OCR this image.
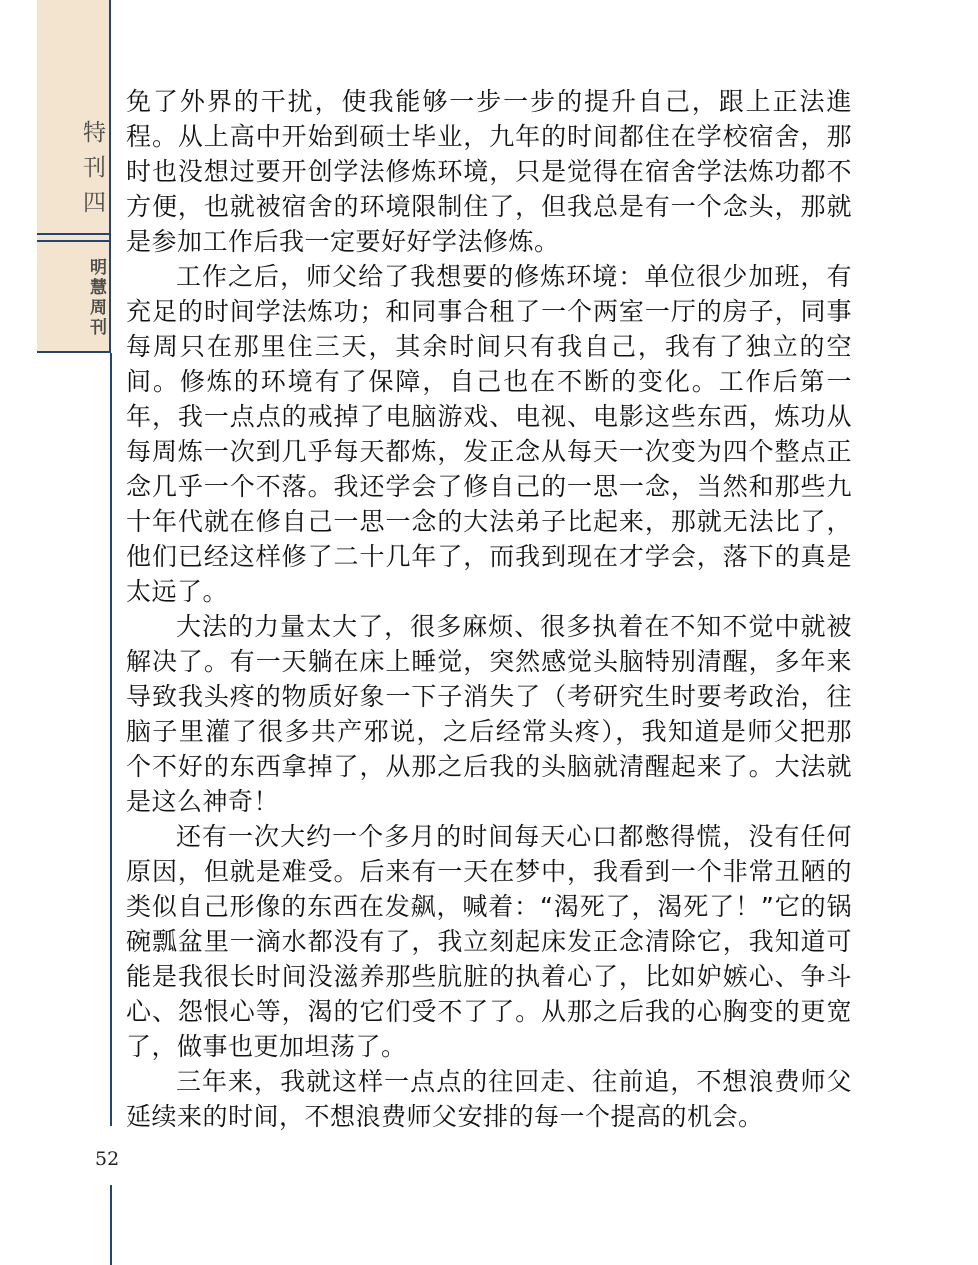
特刊四
明慧周刊
52

免了外界的干扰，使我能够一步一步的提升自己，跟上正法進程。从上高中开始到硕士毕业，九年的时间都住在学校宿舍，那时也没想过要开创学法修炼环境，只是觉得在宿舍学法炼功都不方便，也就被宿舍的环境限制住了，但我总是有一个念头，那就是参加工作后我一定要好好学法修炼。

工作之后，师父给了我想要的修炼环境：单位很少加班，有充足的时间学法炼功；和同事合租了一个两室一厅的房子，同事每周只在那里住三天，其余时间只有我自己，我有了独立的空间。修炼的环境有了保障，自己也在不断的变化。工作后第一年，我一点点的戒掉了电脑游戏、电视、电影这些东西，炼功从每周炼一次到几乎每天都炼，发正念从每天一次变为四个整点正念几乎一个不落。我还学会了修自己的一思一念，当然和那些九十年代就在修自己一思一念的大法弟子比起来，那就无法比了，他们已经这样修了二十几年了，而我到现在才学会，落下的真是太远了。

大法的力量太大了，很多麻烦、很多执着在不知不觉中就被解决了。有一天躺在床上睡觉，突然感觉头脑特别清醒，多年来导致我头疼的物质好象一下子消失了（考研究生时要考政治，往脑子里灌了很多共产邪说，之后经常头疼），我知道是师父把那个不好的东西拿掉了，从那之后我的头脑就清醒起来了。大法就是这么神奇！

还有一次大约一个多月的时间每天心口都憋得慌，没有任何原因，但就是难受。后来有一天在梦中，我看到一个非常丑陋的类似自己形像的东西在发飙，喊着：“渴死了，渴死了！”它的锅碗瓢盆里一滴水都没有了，我立刻起床发正念清除它，我知道可能是我很长时间没滋养那些肮脏的执着心了，比如妒嫉心、争斗心、怨恨心等，渴的它们受不了了。从那之后我的心胸变的更宽了，做事也更加坦荡了。

三年来，我就这样一点点的往回走、往前追，不想浪费师父延续来的时间，不想浪费师父安排的每一个提高的机会。
